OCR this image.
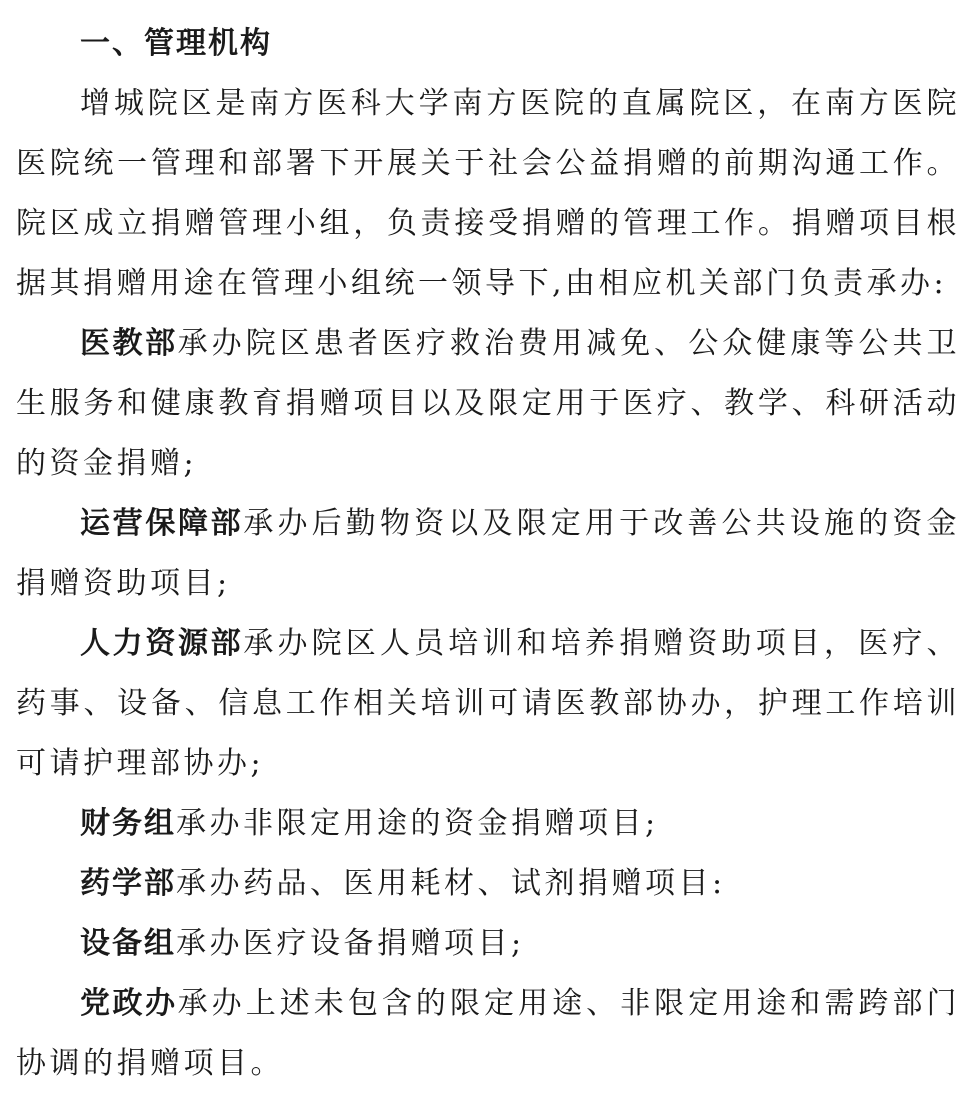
一、管理机构

增城院区是南方医科大学南方医院的直属院区，在南方医院医院统一管理和部署下开展关于社会公益捐赠的前期沟通工作。院区成立捐赠管理小组，负责接受捐赠的管理工作。捐赠项目根据其捐赠用途在管理小组统一领导下,由相应机关部门负责承办:

医教部承办院区患者医疗救治费用减免、公众健康等公共卫生服务和健康教育捐赠项目以及限定用于医疗、教学、科研活动的资金捐赠;

运营保障部承办后勤物资以及限定用于改善公共设施的资金捐赠资助项目;

人力资源部承办院区人员培训和培养捐赠资助项目，医疗、药事、设备、信息工作相关培训可请医教部协办，护理工作培训可请护理部协办;

财务组承办非限定用途的资金捐赠项目;

药学部承办药品、医用耗材、试剂捐赠项目:

设备组承办医疗设备捐赠项目;

党政办承办上述未包含的限定用途、非限定用途和需跨部门协调的捐赠项目。
